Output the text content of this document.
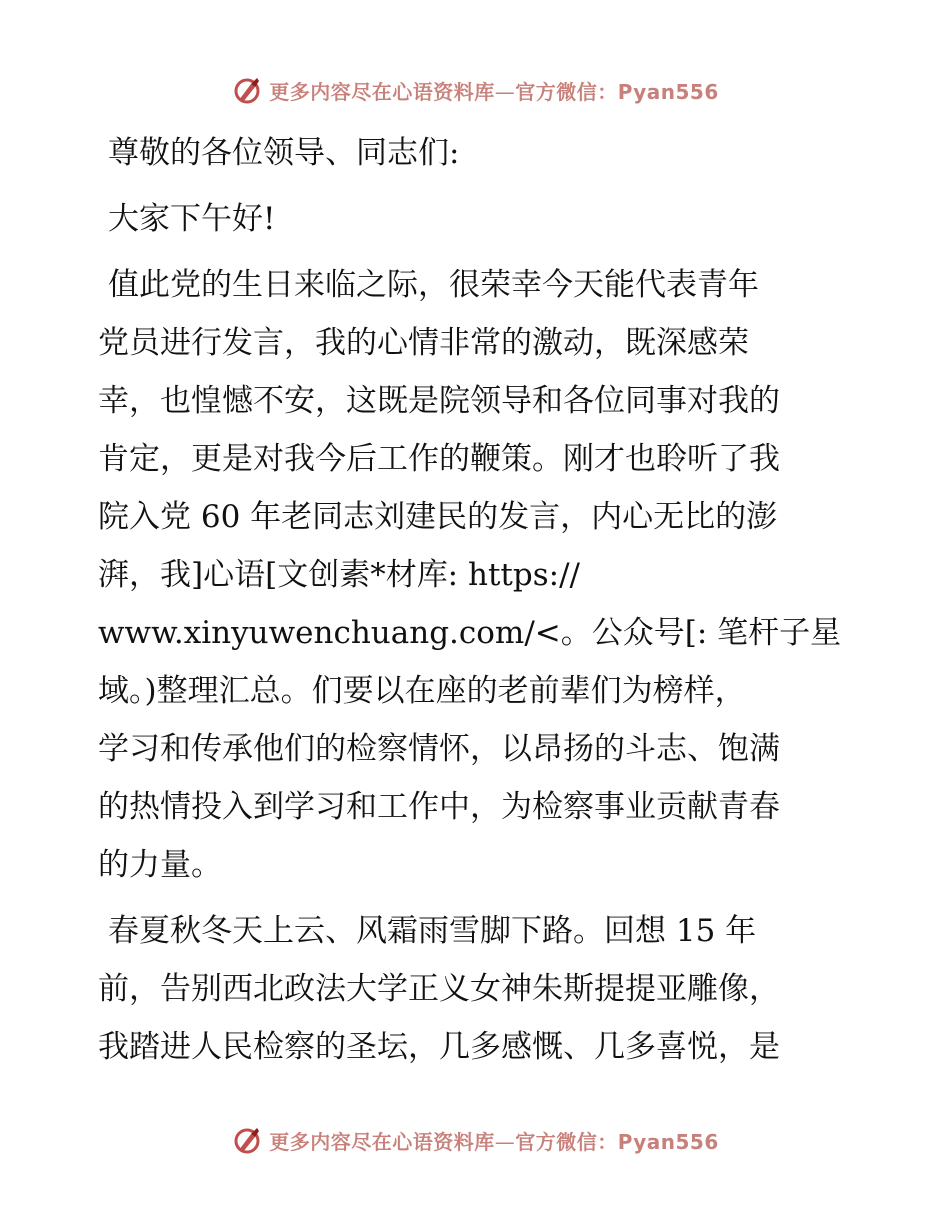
更多内容尽在心语资料库—官方微信：Pyan556
尊敬的各位领导、同志们:
大家下午好!
值此党的生日来临之际，很荣幸今天能代表青年
党员进行发言，我的心情非常的激动，既深感荣
幸，也惶憾不安，这既是院领导和各位同事对我的
肯定，更是对我今后工作的鞭策。刚才也聆听了我
院入党 60 年老同志刘建民的发言，内心无比的澎
湃，我]心语[文创素*材库: https://
www.xinyuwenchuang.com/<。公众号[: 笔杆子星
域。)整理汇总。们要以在座的老前辈们为榜样，
学习和传承他们的检察情怀，以昂扬的斗志、饱满
的热情投入到学习和工作中，为检察事业贡献青春
的力量。
春夏秋冬天上云、风霜雨雪脚下路。回想 15 年
前，告别西北政法大学正义女神朱斯提提亚雕像，
我踏进人民检察的圣坛，几多感慨、几多喜悦，是
更多内容尽在心语资料库—官方微信：Pyan556
